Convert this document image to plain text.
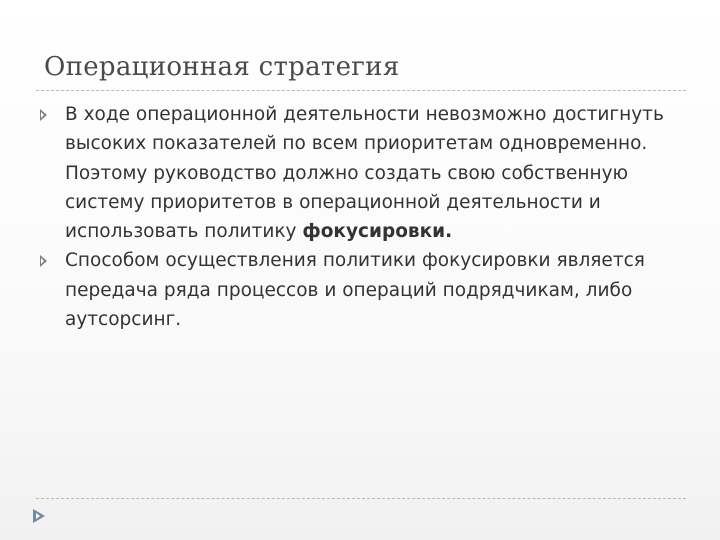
Операционная стратегия
В ходе операционной деятельности невозможно достигнуть высоких показателей по всем приоритетам одновременно. Поэтому руководство должно создать свою собственную систему приоритетов в операционной деятельности и использовать политику фокусировки.
Способом осуществления политики фокусировки является передача ряда процессов и операций подрядчикам, либо аутсорсинг.
